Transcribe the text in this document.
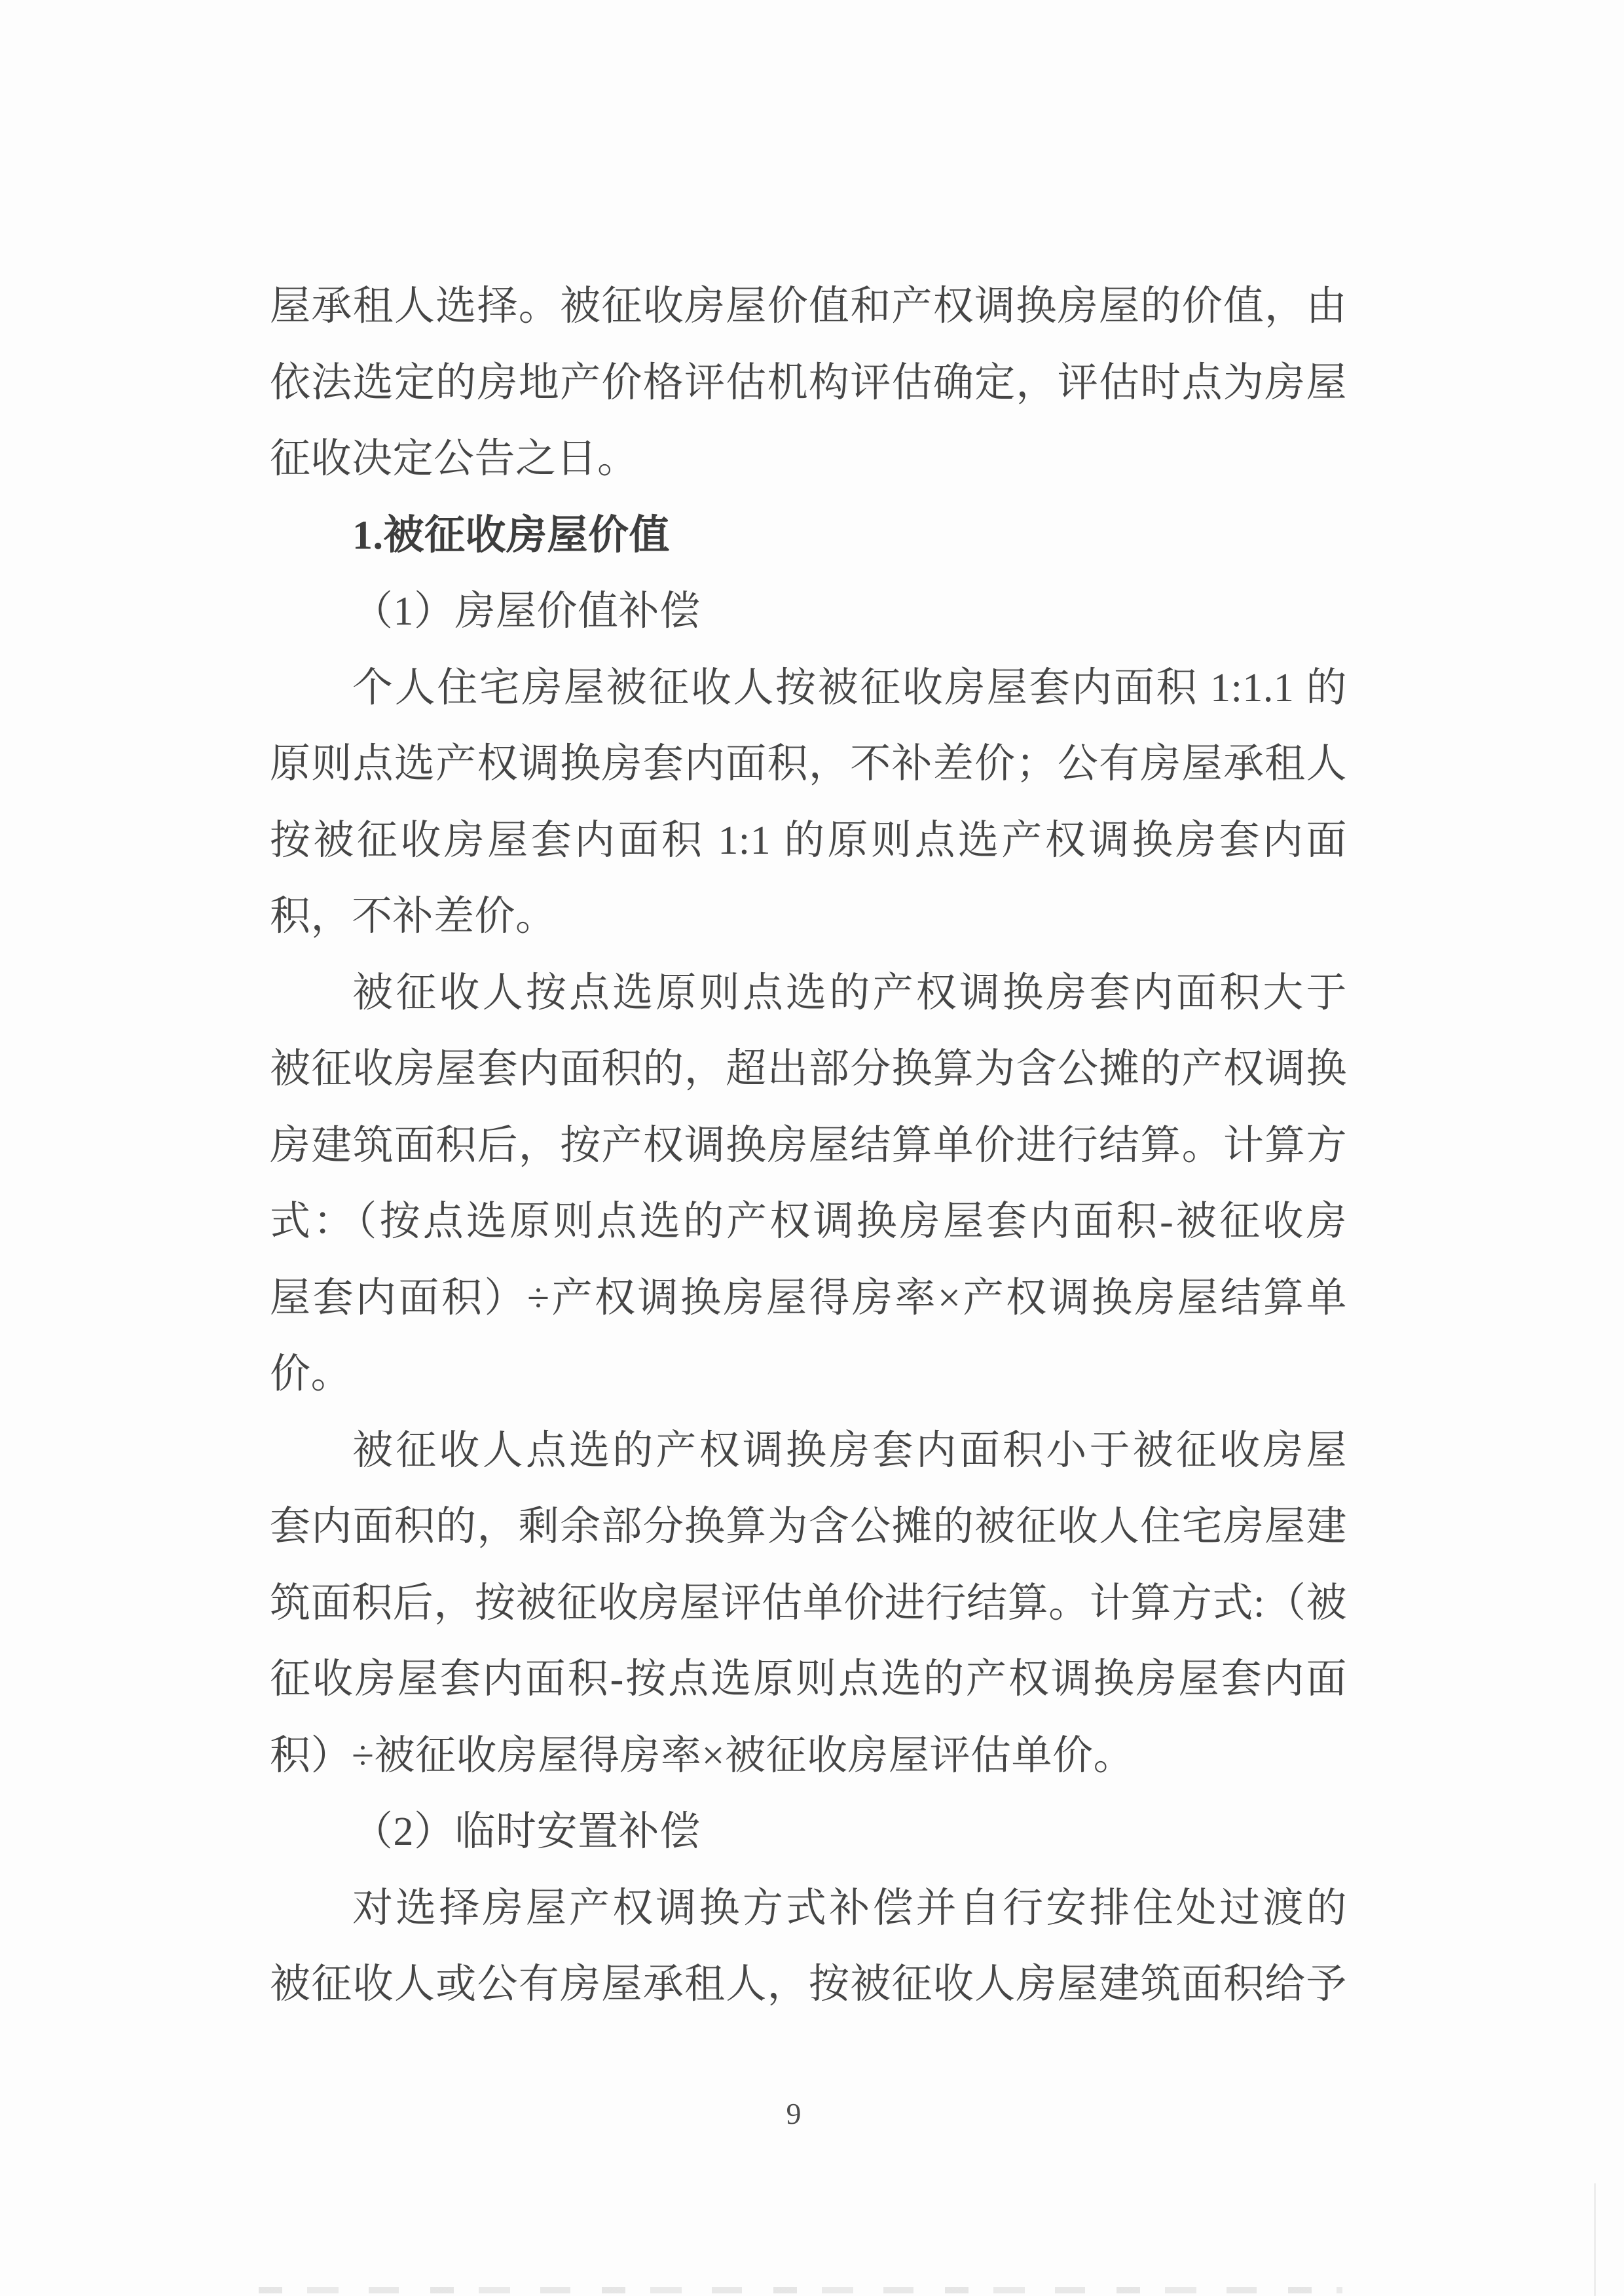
屋承租人选择。被征收房屋价值和产权调换房屋的价值，由
依法选定的房地产价格评估机构评估确定，评估时点为房屋
征收决定公告之日。
1.被征收房屋价值
（1）房屋价值补偿
个人住宅房屋被征收人按被征收房屋套内面积 1:1.1 的
原则点选产权调换房套内面积，不补差价；公有房屋承租人
按被征收房屋套内面积 1:1 的原则点选产权调换房套内面
积，不补差价。
被征收人按点选原则点选的产权调换房套内面积大于
被征收房屋套内面积的，超出部分换算为含公摊的产权调换
房建筑面积后，按产权调换房屋结算单价进行结算。计算方
式：（按点选原则点选的产权调换房屋套内面积-被征收房
屋套内面积）÷产权调换房屋得房率×产权调换房屋结算单
价。
被征收人点选的产权调换房套内面积小于被征收房屋
套内面积的，剩余部分换算为含公摊的被征收人住宅房屋建
筑面积后，按被征收房屋评估单价进行结算。计算方式:（被
征收房屋套内面积-按点选原则点选的产权调换房屋套内面
积）÷被征收房屋得房率×被征收房屋评估单价。
（2）临时安置补偿
对选择房屋产权调换方式补偿并自行安排住处过渡的
被征收人或公有房屋承租人，按被征收人房屋建筑面积给予
9
